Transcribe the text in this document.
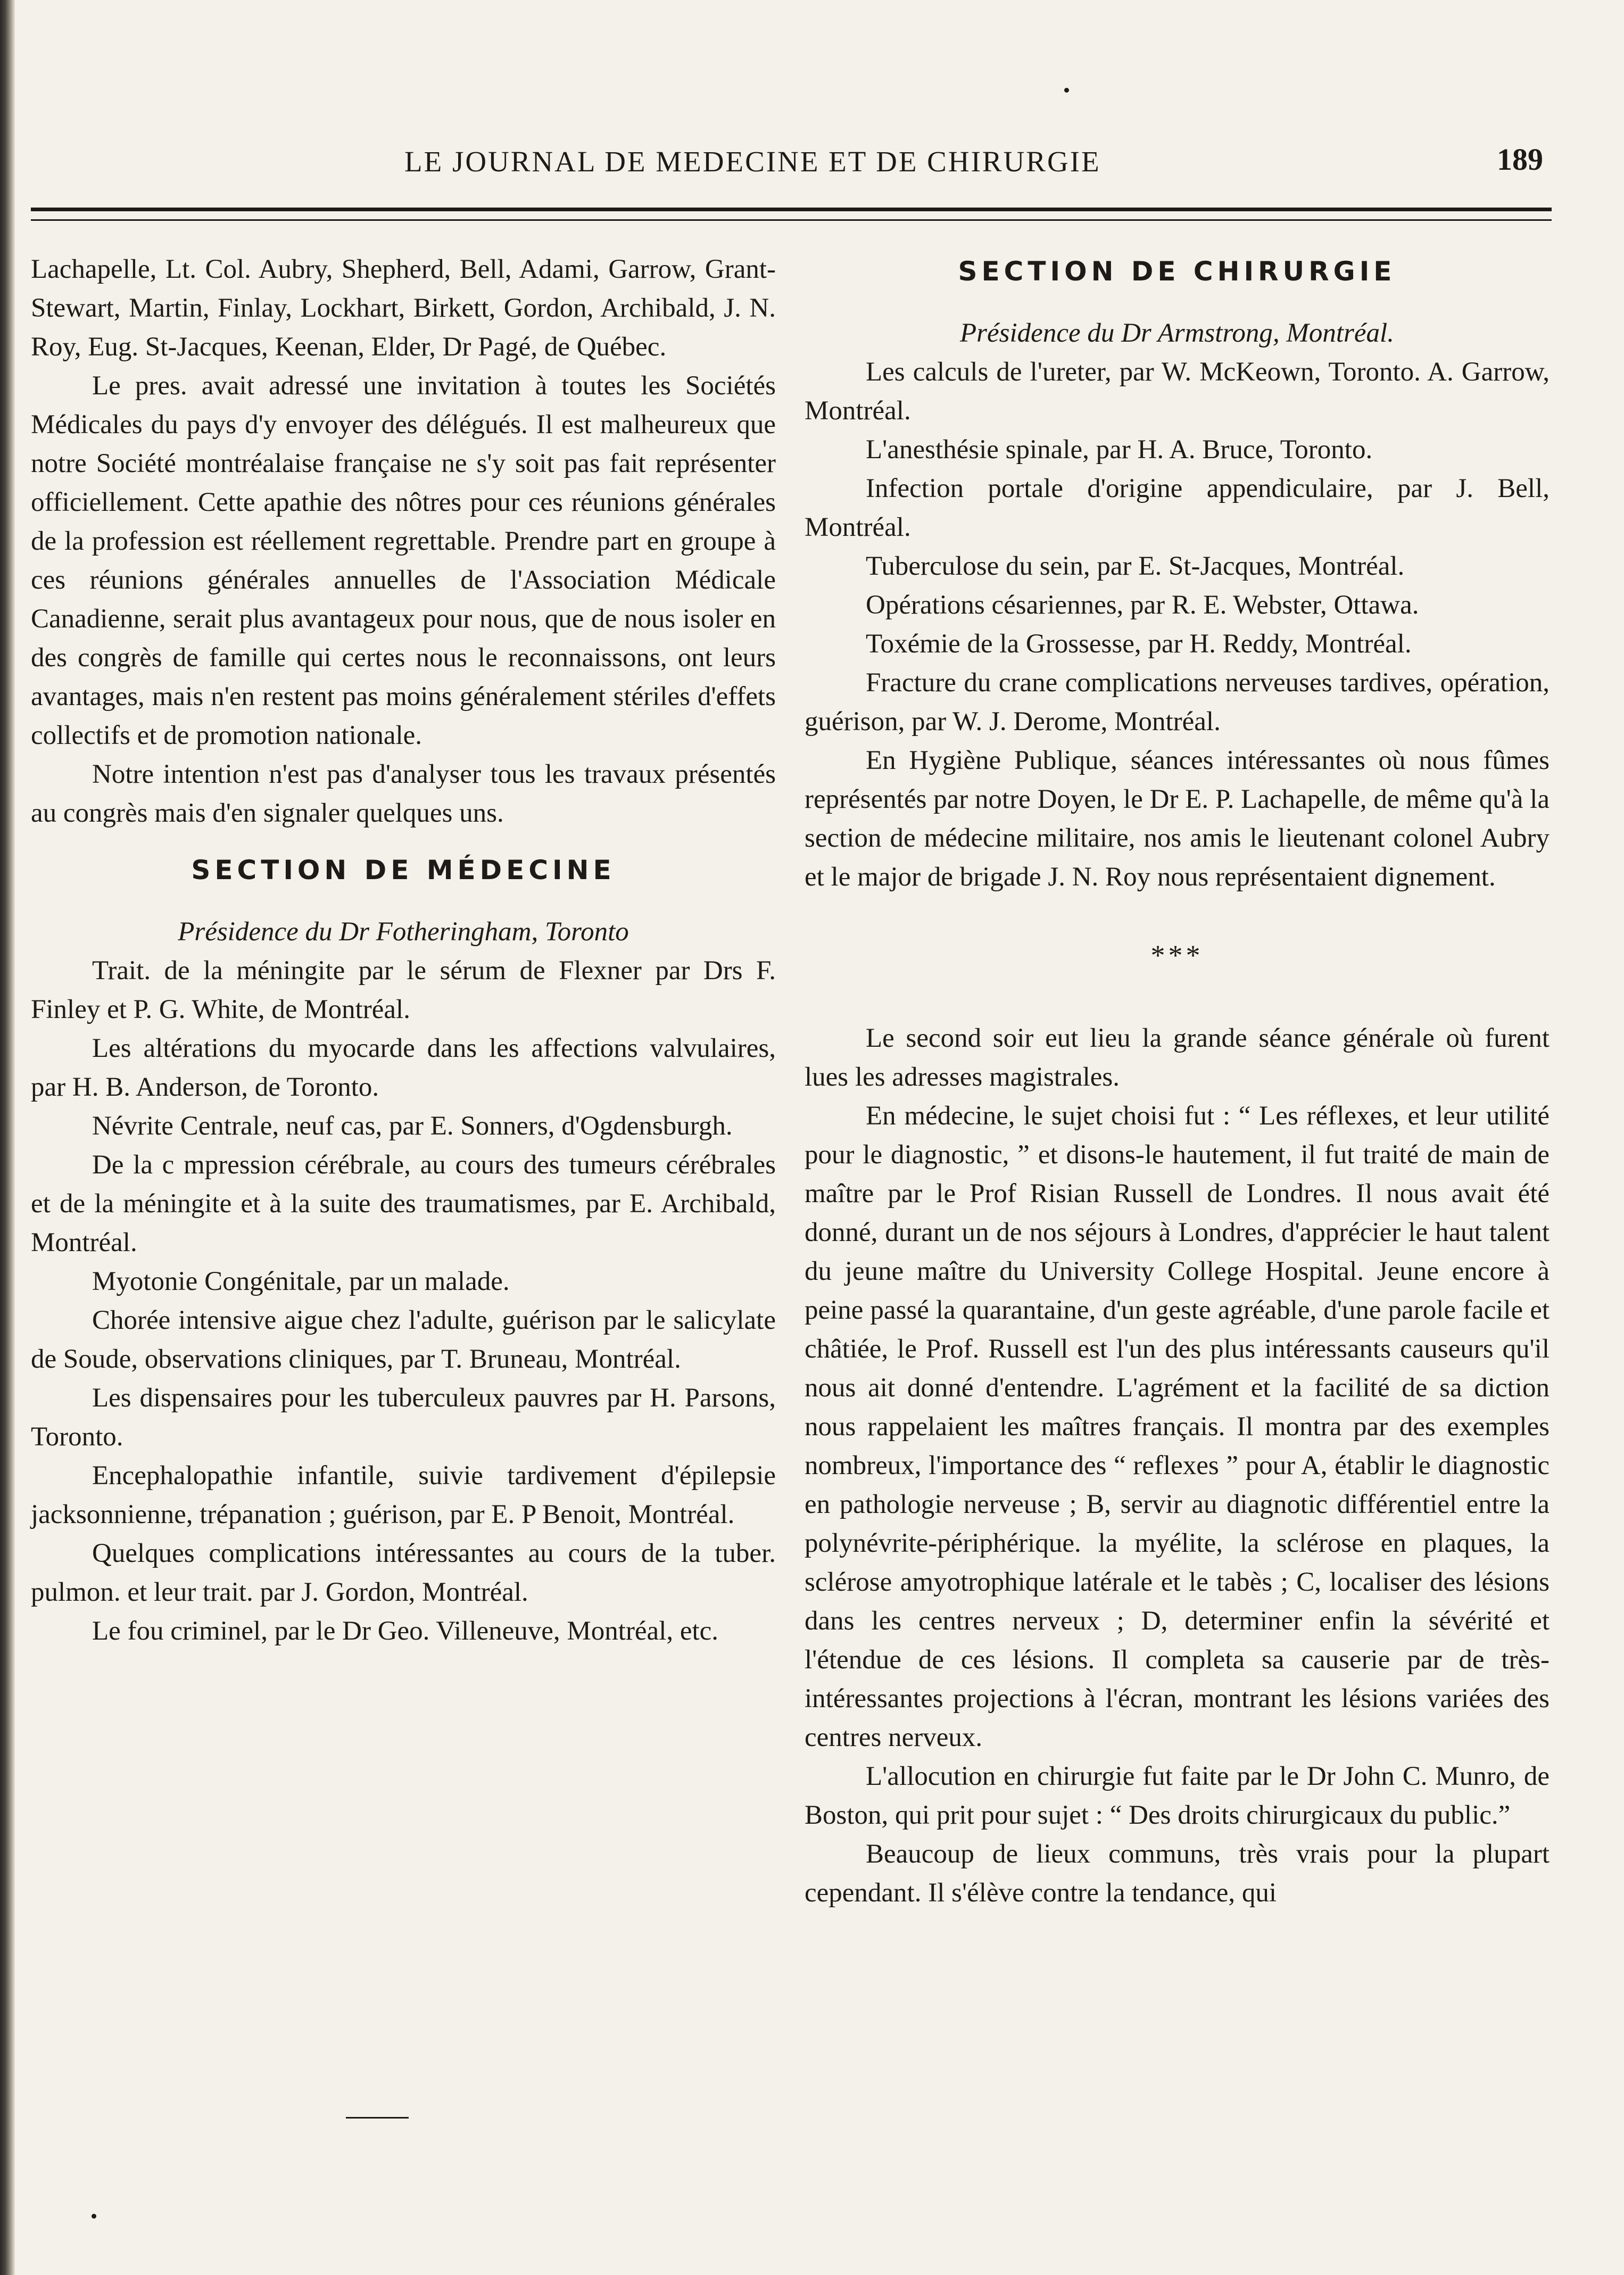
LE JOURNAL DE MEDECINE ET DE CHIRURGIE	189

Lachapelle, Lt. Col. Aubry, Shepherd, Bell, Adami, Garrow, Grant-Stewart, Martin, Finlay, Lockhart, Birkett, Gordon, Archibald, J. N. Roy, Eug. St-Jacques, Keenan, Elder, Dr Pagé, de Québec.

Le pres. avait adressé une invitation à toutes les Sociétés Médicales du pays d'y envoyer des délégués. Il est malheureux que notre Société montréalaise française ne s'y soit pas fait représenter officiellement. Cette apathie des nôtres pour ces réunions générales de la profession est réellement regrettable. Prendre part en groupe à ces réunions générales annuelles de l'Association Médicale Canadienne, serait plus avantageux pour nous, que de nous isoler en des congrès de famille qui certes nous le reconnaissons, ont leurs avantages, mais n'en restent pas moins généralement stériles d'effets collectifs et de promotion nationale.

Notre intention n'est pas d'analyser tous les travaux présentés au congrès mais d'en signaler quelques uns.

SECTION DE MÉDECINE

Présidence du Dr Fotheringham, Toronto

Trait. de la méningite par le sérum de Flexner par Drs F. Finley et P. G. White, de Montréal.

Les altérations du myocarde dans les affections valvulaires, par H. B. Anderson, de Toronto.

Névrite Centrale, neuf cas, par E. Sonners, d'Ogdensburgh.

De la c mpression cérébrale, au cours des tumeurs cérébrales et de la méningite et à la suite des traumatismes, par E. Archibald, Montréal.

Myotonie Congénitale, par un malade.

Chorée intensive aigue chez l'adulte, guérison par le salicylate de Soude, observations cliniques, par T. Bruneau, Montréal.

Les dispensaires pour les tuberculeux pauvres par H. Parsons, Toronto.

Encephalopathie infantile, suivie tardivement d'épilepsie jacksonnienne, trépanation ; guérison, par E. P Benoit, Montréal.

Quelques complications intéressantes au cours de la tuber. pulmon. et leur trait. par J. Gordon, Montréal.

Le fou criminel, par le Dr Geo. Villeneuve, Montréal, etc.

SECTION DE CHIRURGIE

Présidence du Dr Armstrong, Montréal.

Les calculs de l'ureter, par W. McKeown, Toronto. A. Garrow, Montréal.

L'anesthésie spinale, par H. A. Bruce, Toronto.

Infection portale d'origine appendiculaire, par J. Bell, Montréal.

Tuberculose du sein, par E. St-Jacques, Montréal.

Opérations césariennes, par R. E. Webster, Ottawa.

Toxémie de la Grossesse, par H. Reddy, Montréal.

Fracture du crane complications nerveuses tardives, opération, guérison, par W. J. Derome, Montréal.

En Hygiène Publique, séances intéressantes où nous fûmes représentés par notre Doyen, le Dr E. P. Lachapelle, de même qu'à la section de médecine militaire, nos amis le lieutenant colonel Aubry et le major de brigade J. N. Roy nous représentaient dignement.

***

Le second soir eut lieu la grande séance générale où furent lues les adresses magistrales.

En médecine, le sujet choisi fut : “ Les réflexes, et leur utilité pour le diagnostic, ” et disons-le hautement, il fut traité de main de maître par le Prof Risian Russell de Londres. Il nous avait été donné, durant un de nos séjours à Londres, d'apprécier le haut talent du jeune maître du University College Hospital. Jeune encore à peine passé la quarantaine, d'un geste agréable, d'une parole facile et châtiée, le Prof. Russell est l'un des plus intéressants causeurs qu'il nous ait donné d'entendre. L'agrément et la facilité de sa diction nous rappelaient les maîtres français. Il montra par des exemples nombreux, l'importance des “ reflexes ” pour A, établir le diagnostic en pathologie nerveuse ; B, servir au diagnotic différentiel entre la polynévrite-périphérique. la myélite, la sclérose en plaques, la sclérose amyotrophique latérale et le tabès ; C, localiser des lésions dans les centres nerveux ; D, determiner enfin la sévérité et l'étendue de ces lésions. Il completa sa causerie par de très-intéressantes projections à l'écran, montrant les lésions variées des centres nerveux.

L'allocution en chirurgie fut faite par le Dr John C. Munro, de Boston, qui prit pour sujet : “ Des droits chirurgicaux du public.”

Beaucoup de lieux communs, très vrais pour la plupart cependant. Il s'élève contre la tendance, qui
